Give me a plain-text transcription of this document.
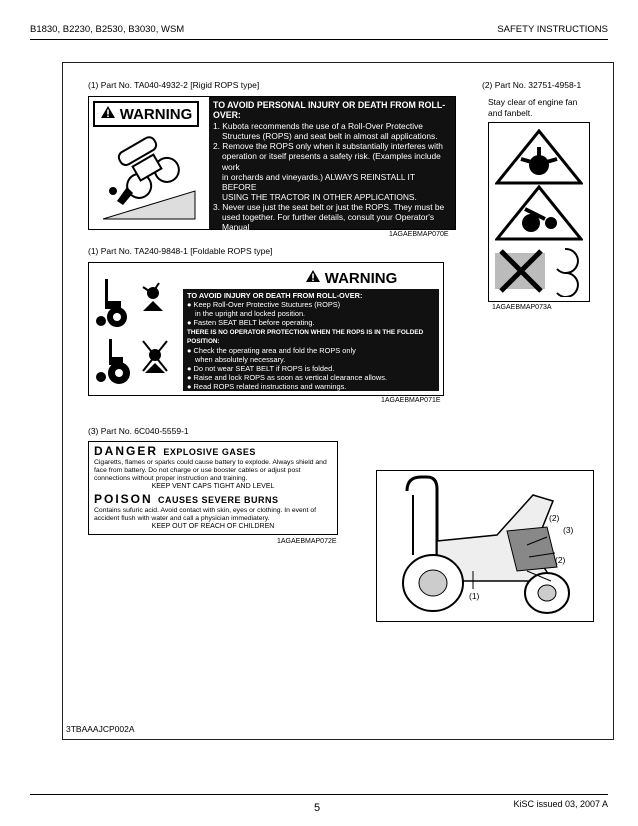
B1830, B2230, B2530, B3030, WSM	SAFETY INSTRUCTIONS
(1) Part No. TA040-4932-2 [Rigid ROPS type]
WARNING

TO AVOID PERSONAL INJURY OR DEATH FROM ROLL-OVER:

1. Kubota recommends the use of a Roll-Over Protective

Structures (ROPS) and seat belt in almost all applications.

2. Remove the ROPS only when it substantially interferes with

operation or itself presents a safety risk. (Examples include work

in orchards and vineyards.) ALWAYS REINSTALL IT BEFORE

USING THE TRACTOR IN OTHER APPLICATIONS.

3. Never use just the seat belt or just the ROPS. They must be

used together. For further details, consult your Operator's Manual

or your local dealer.	1AGAEBMAP070E
(1) Part No. TA240-9848-1 [Foldable ROPS type]
WARNING

TO AVOID INJURY OR DEATH FROM ROLL-OVER:

● Keep Roll-Over Protective Stuctures (ROPS)

in the upright and locked position.

● Fasten SEAT BELT before operating.

THERE IS NO OPERATOR PROTECTION WHEN THE ROPS IS IN THE FOLDED POSITION:

● Check the operating area and fold the ROPS only

when absolutely necessary.

● Do not wear SEAT BELT if ROPS is folded.

● Raise and lock ROPS as soon as vertical clearance allows.

● Read ROPS related instructions and warnings.

1AGAEBMAP071E
(3) Part No. 6C040-5559-1
DANGER EXPLOSIVE GASES
Cigaretts, flames or sparks could cause battery to explode. Always shield and face from battery. Do not charge or use booster cables or adjust post connections without proper instruction and training.
KEEP VENT CAPS TIGHT AND LEVEL
POISON CAUSES SEVERE BURNS
Contains sufuric acid. Avoid contact with skin, eyes or clothing. In event of accident flush with water and call a physician immediatery.
KEEP OUT OF REACH OF CHILDREN
1AGAEBMAP072E
(2) Part No. 32751-4958-1
Stay clear of engine fan
and fanbelt.
1AGAEBMAP073A
(1)
(2)
(3)
(2)
3TBAAAJCP002A
5	KiSC issued 03, 2007 A
